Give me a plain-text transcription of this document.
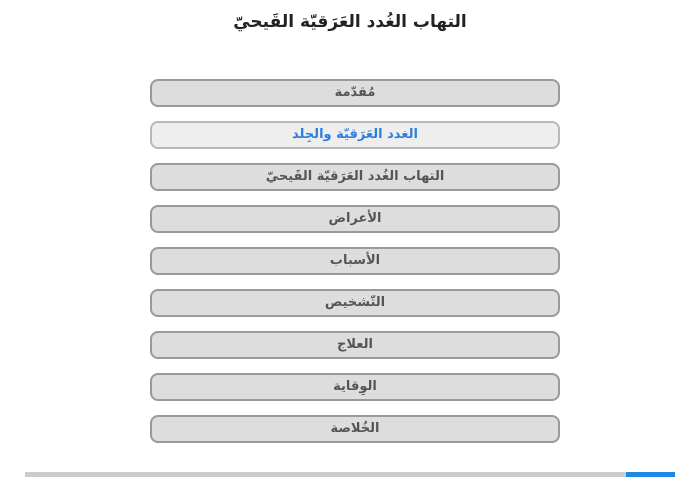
التهاب الغُدد العَرَقيّة القَيحيّ
مُقدّمة
الغدد العَرَقيّة والجِلد
التهاب الغُدد العَرَقيّة القَيحيّ
الأعراض
الأسباب
التّشخيص
العلاج
الوِقاية
الخُلاصة
